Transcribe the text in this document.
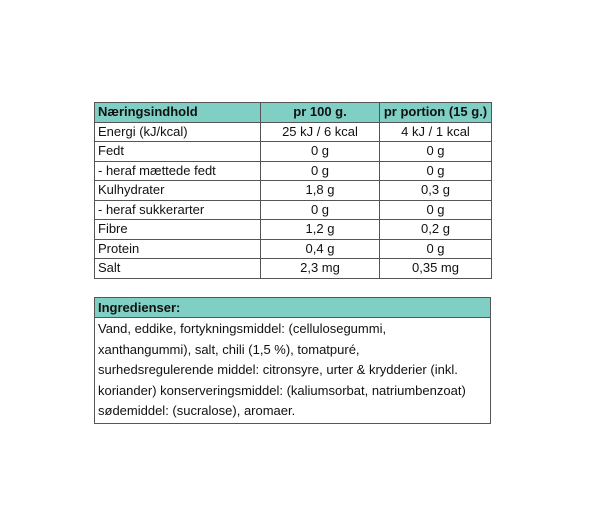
Næringsindhold	pr 100 g.	pr portion (15 g.)
Energi (kJ/kcal)	25 kJ / 6 kcal	4 kJ / 1 kcal
Fedt	0 g	0 g
- heraf mættede fedt	0 g	0 g
Kulhydrater	1,8 g	0,3 g
- heraf sukkerarter	0 g	0 g
Fibre	1,2 g	0,2 g
Protein	0,4 g	0 g
Salt	2,3 mg	0,35 mg
Ingredienser:

Vand, eddike, fortykningsmiddel: (cellulosegummi,
xanthangummi), salt, chili (1,5 %), tomatpuré,
surhedsregulerende middel: citronsyre, urter & krydderier (inkl.
koriander) konserveringsmiddel: (kaliumsorbat, natriumbenzoat)
sødemiddel: (sucralose), aromaer.
